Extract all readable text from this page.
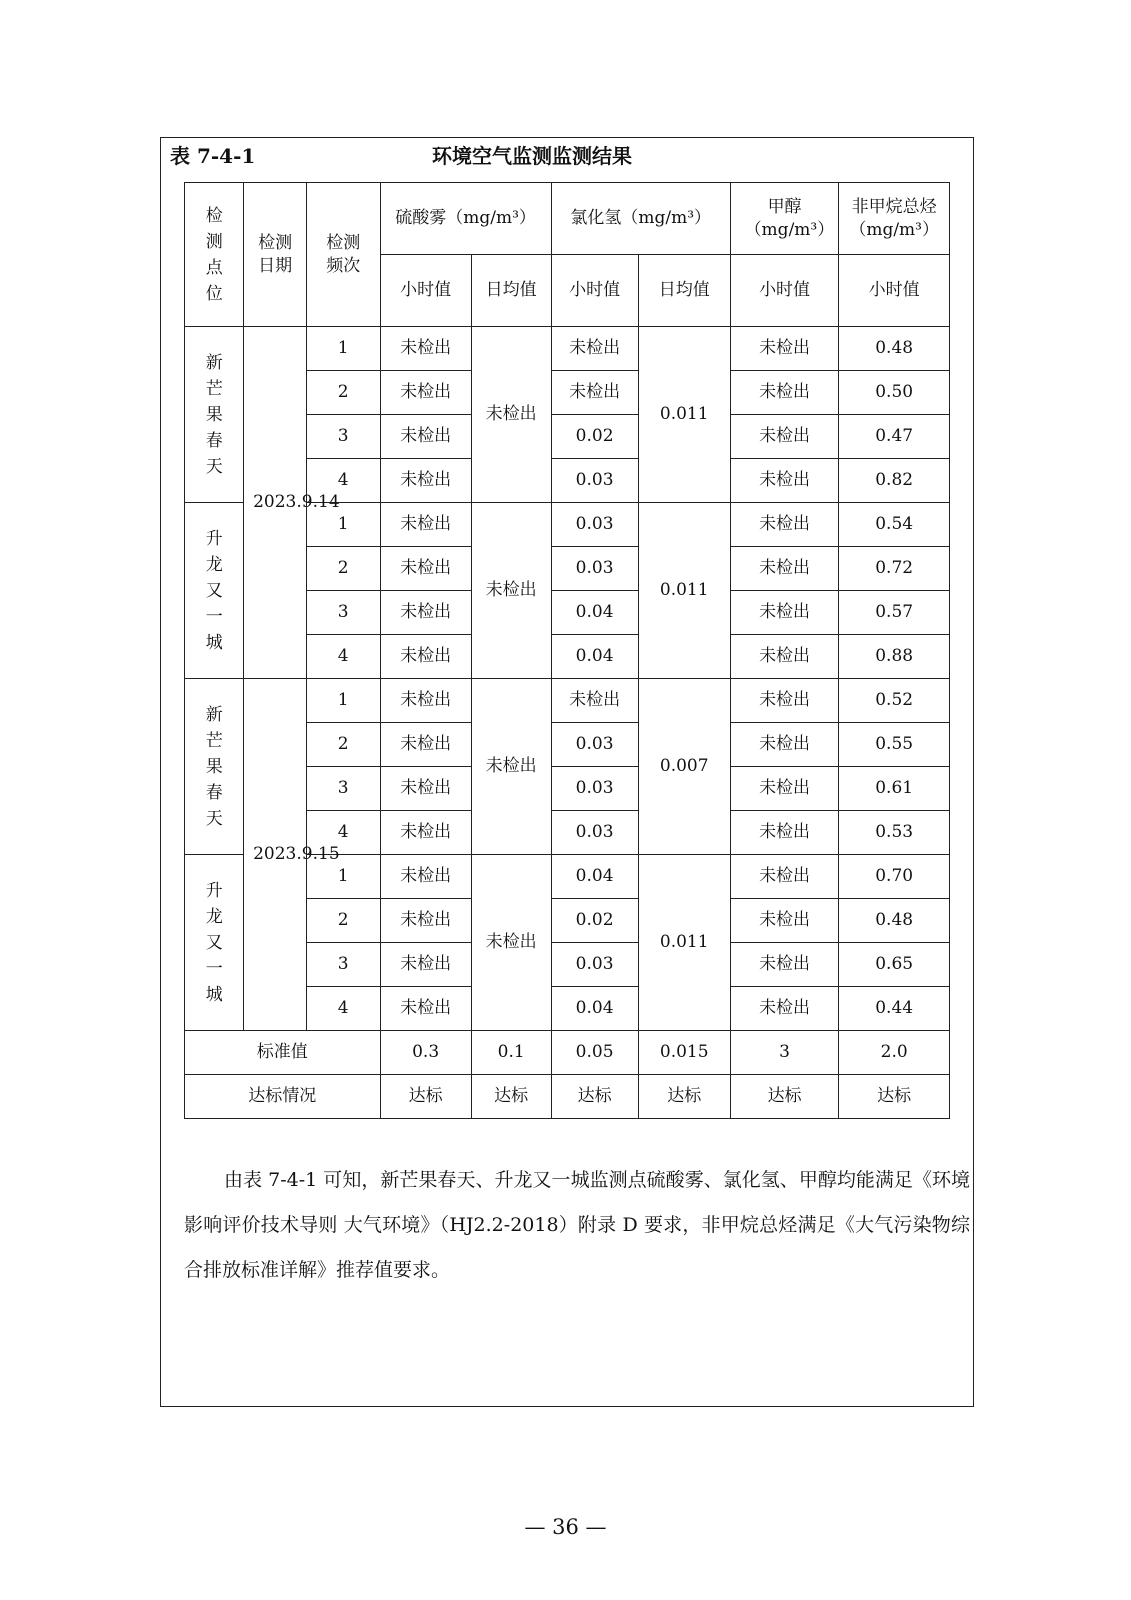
表 7-4-1	环境空气监测监测结果
检测点位	检测日期	检测频次	硫酸雾（mg/m³）		氯化氢（mg/m³）		甲醇（mg/m³）	非甲烷总烃（mg/m³）
			小时值	日均值	小时值	日均值	小时值	小时值
新芒果春天	2023.9.14	1	未检出	未检出	未检出	0.011	未检出	0.48
		2	未检出		未检出		未检出	0.50
		3	未检出		0.02		未检出	0.47
		4	未检出		0.03		未检出	0.82
升龙又一城		1	未检出	未检出	0.03	0.011	未检出	0.54
		2	未检出		0.03		未检出	0.72
		3	未检出		0.04		未检出	0.57
		4	未检出		0.04		未检出	0.88
新芒果春天	2023.9.15	1	未检出	未检出	未检出	0.007	未检出	0.52
		2	未检出		0.03		未检出	0.55
		3	未检出		0.03		未检出	0.61
		4	未检出		0.03		未检出	0.53
升龙又一城		1	未检出	未检出	0.04	0.011	未检出	0.70
		2	未检出		0.02		未检出	0.48
		3	未检出		0.03		未检出	0.65
		4	未检出		0.04		未检出	0.44
标准值			0.3	0.1	0.05	0.015	3	2.0
达标情况			达标	达标	达标	达标	达标	达标
由表 7-4-1 可知，新芒果春天、升龙又一城监测点硫酸雾、氯化氢、甲醇均能满足《环境影响评价技术导则 大气环境》（HJ2.2-2018）附录 D 要求，非甲烷总烃满足《大气污染物综合排放标准详解》推荐值要求。
— 36 —
